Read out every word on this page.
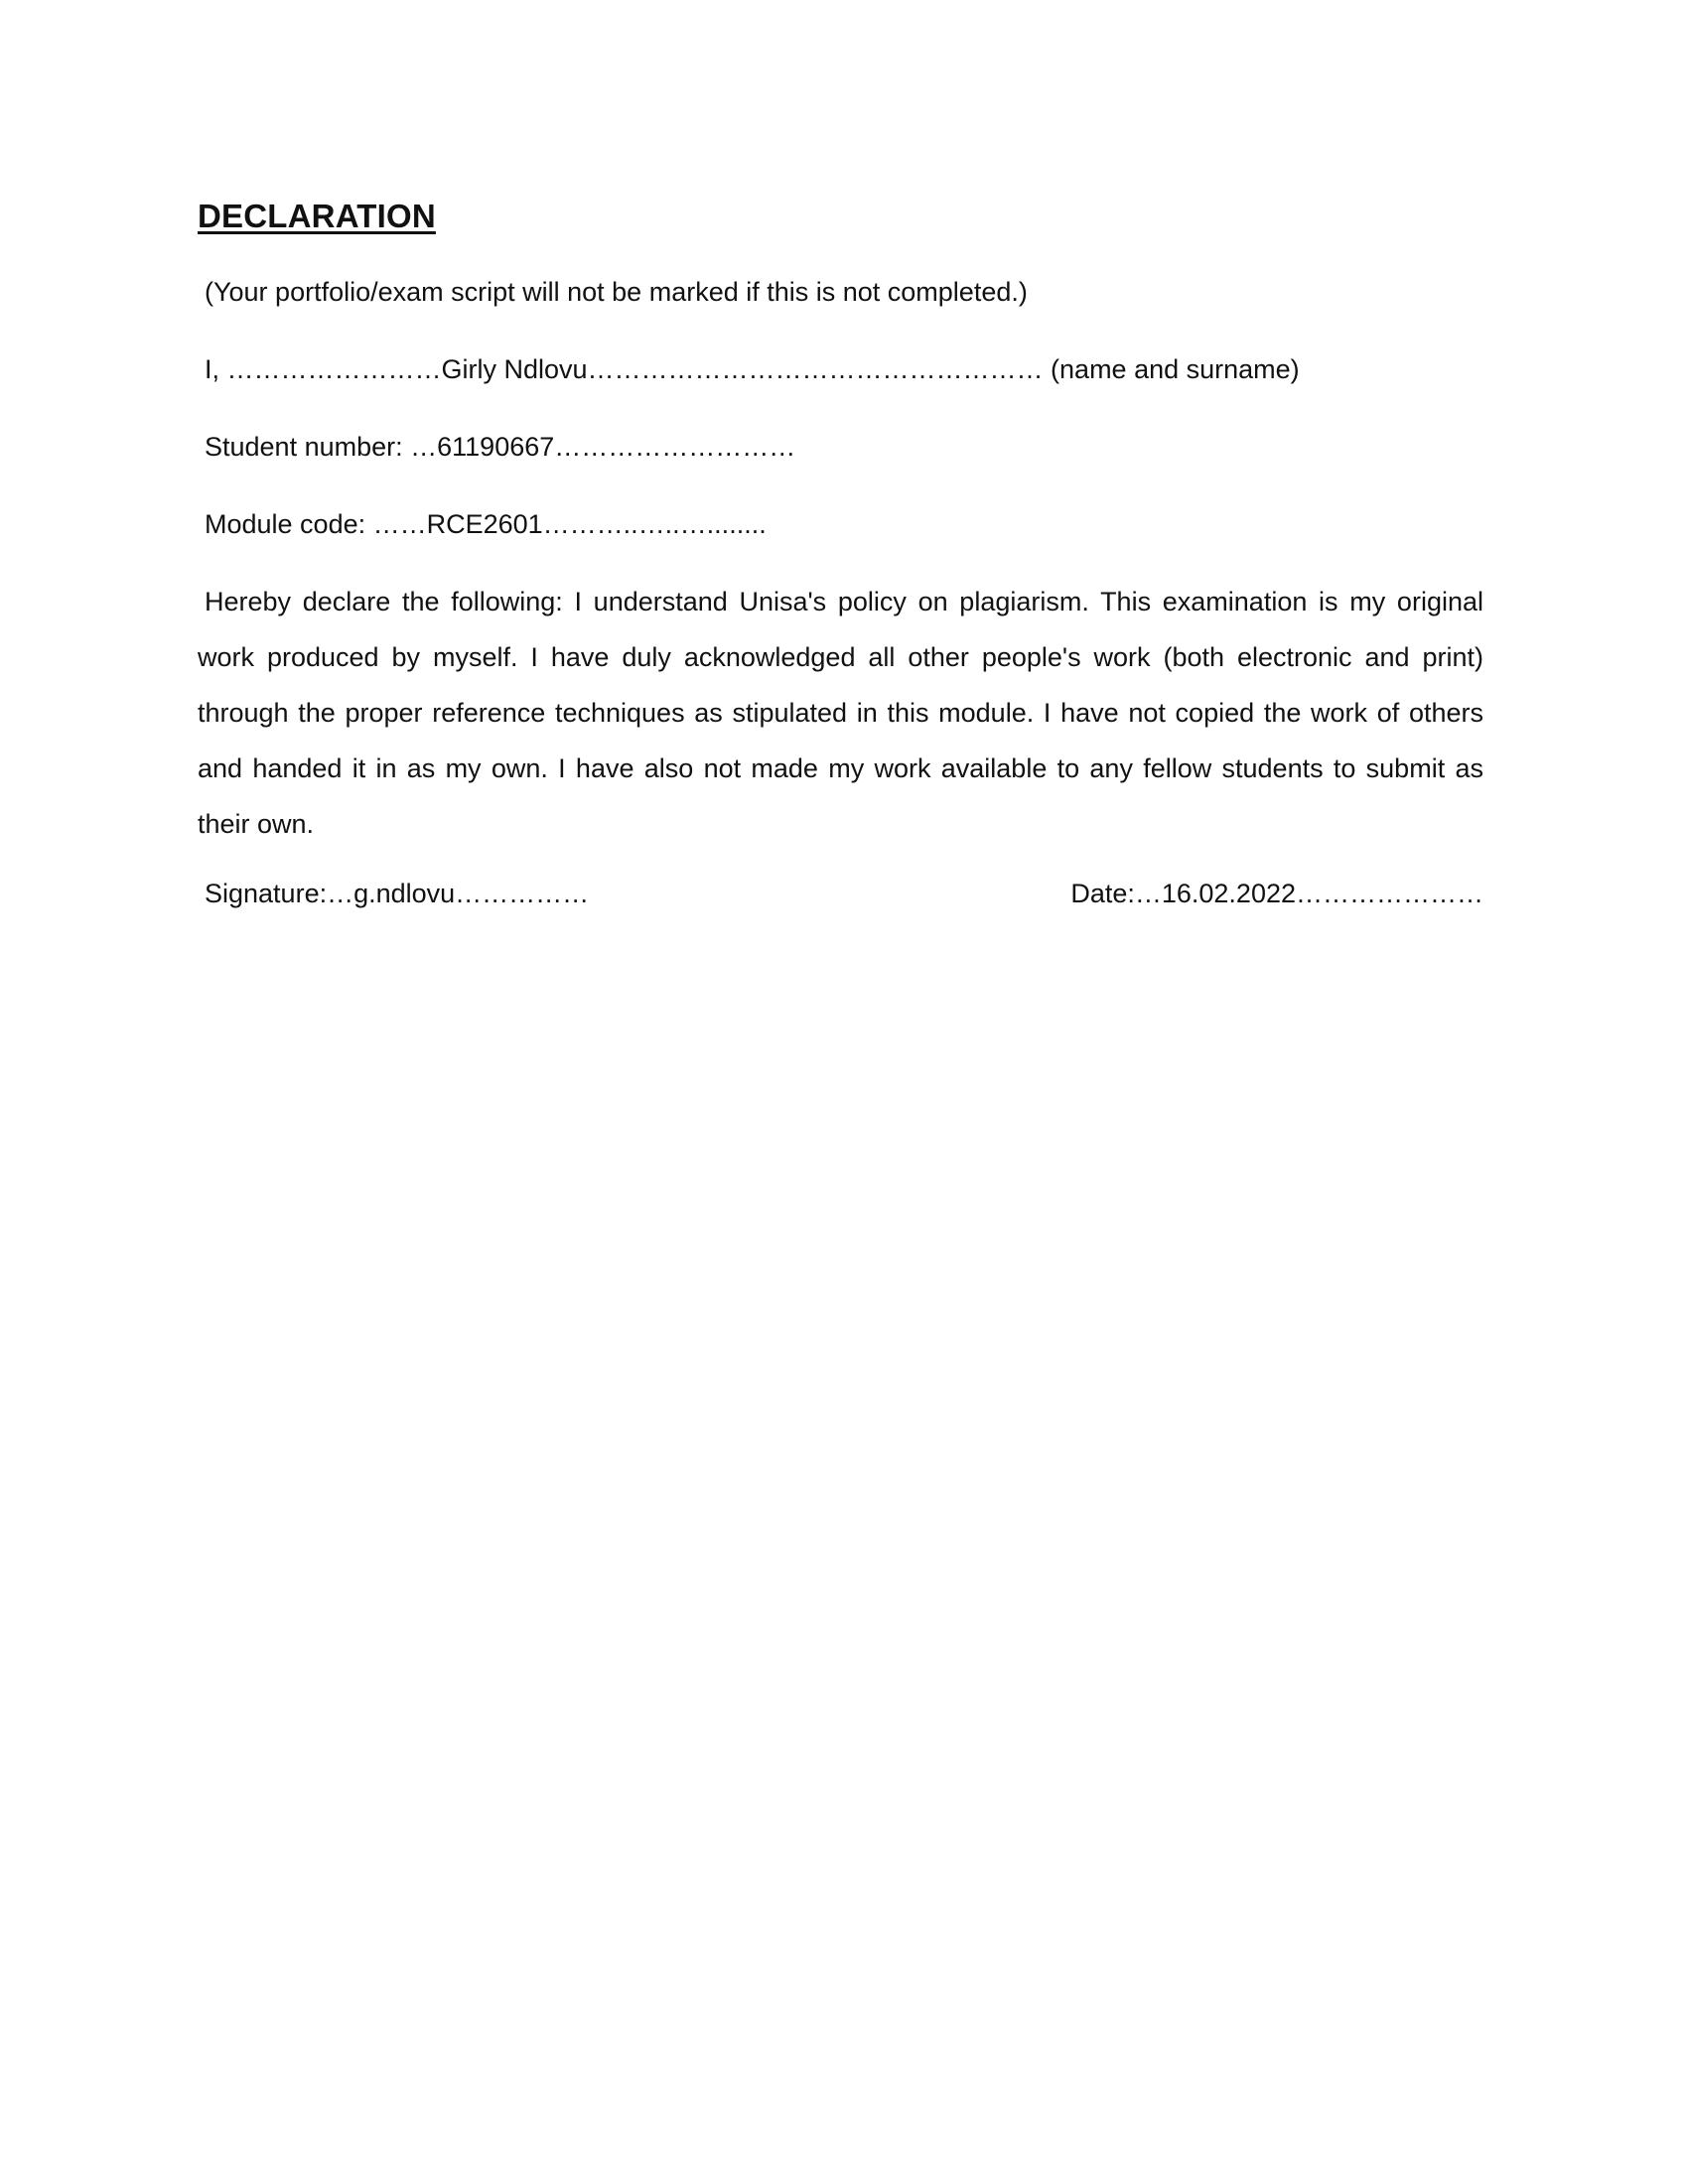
DECLARATION

(Your portfolio/exam script will not be marked if this is not completed.)

I, ……………………Girly Ndlovu…………………………………………… (name and surname)

Student number: …61190667………………………

Module code: ……RCE2601………..…..…........

Hereby declare the following: I understand Unisa's policy on plagiarism. This examination is my original work produced by myself. I have duly acknowledged all other people's work (both electronic and print) through the proper reference techniques as stipulated in this module. I have not copied the work of others and handed it in as my own. I have also not made my work available to any fellow students to submit as their own.

Signature:…g.ndlovu……………	Date:…16.02.2022…………………
